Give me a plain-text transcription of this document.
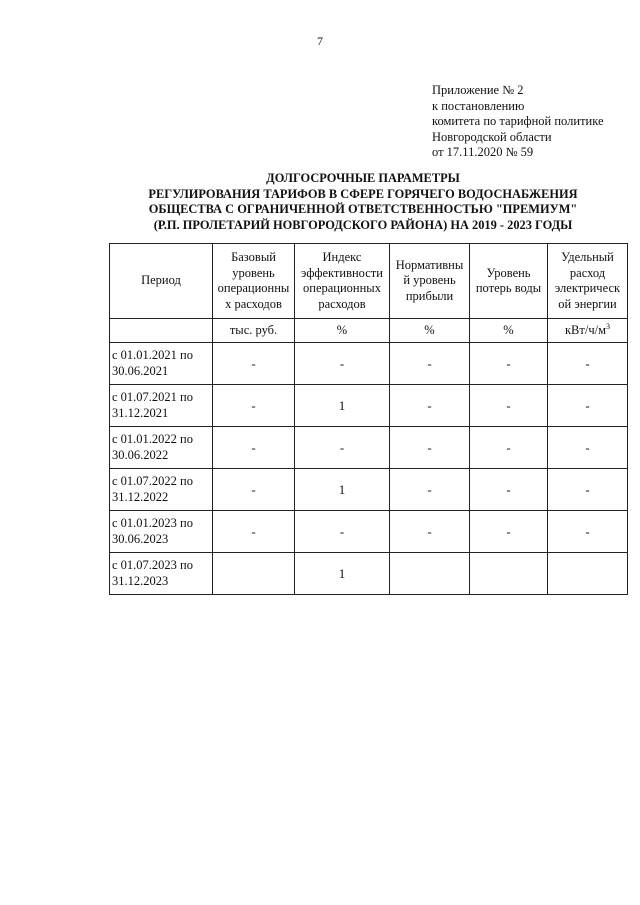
7
Приложение № 2
к постановлению
комитета по тарифной политике
Новгородской области
от 17.11.2020 № 59
ДОЛГОСРОЧНЫЕ ПАРАМЕТРЫ
РЕГУЛИРОВАНИЯ ТАРИФОВ В СФЕРЕ ГОРЯЧЕГО ВОДОСНАБЖЕНИЯ
ОБЩЕСТВА С ОГРАНИЧЕННОЙ ОТВЕТСТВЕННОСТЬЮ "ПРЕМИУМ"
(Р.П. ПРОЛЕТАРИЙ НОВГОРОДСКОГО РАЙОНА) НА 2019 - 2023 ГОДЫ
Период	Базовый
уровень
операционны
х расходов	Индекс
эффективности
операционных
расходов	Нормативны
й уровень
прибыли	Уровень
потерь воды	Удельный
расход
электрическ
ой энергии
	тыс. руб.	%	%	%	кВт/$ч/м^3$
с 01.01.2021 по
30.06.2021	-	-	-	-	-
с 01.07.2021 по
31.12.2021	-	1	-	-	-
с 01.01.2022 по
30.06.2022	-	-	-	-	-
с 01.07.2022 по
31.12.2022	-	1	-	-	-
с 01.01.2023 по
30.06.2023	-	-	-	-	-
с 01.07.2023 по
31.12.2023		1			
